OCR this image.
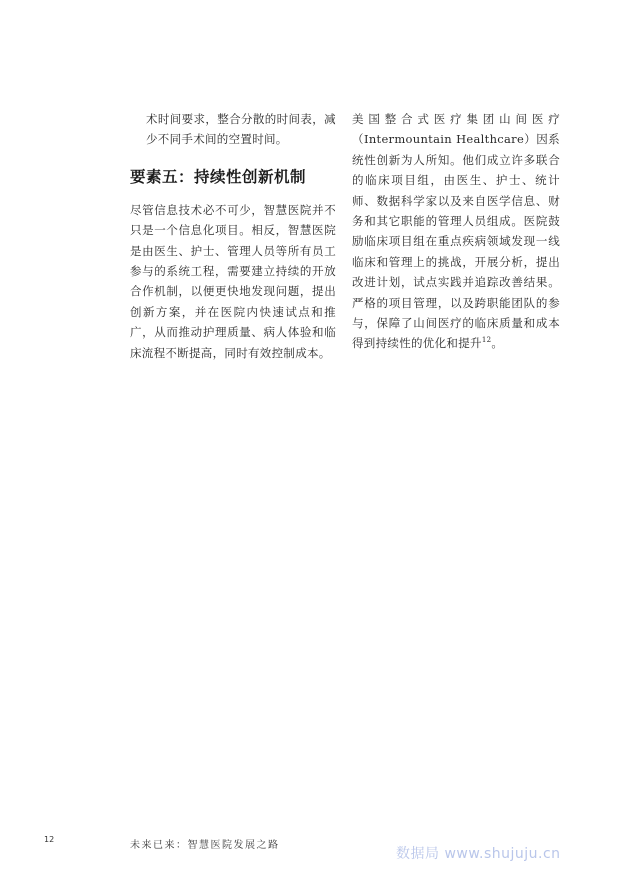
术时间要求，整合分散的时间表，减少不同手术间的空置时间。

要素五：持续性创新机制

尽管信息技术必不可少，智慧医院并不只是一个信息化项目。相反，智慧医院是由医生、护士、管理人员等所有员工参与的系统工程，需要建立持续的开放合作机制，以便更快地发现问题，提出创新方案，并在医院内快速试点和推广，从而推动护理质量、病人体验和临床流程不断提高，同时有效控制成本。

美国整合式医疗集团山间医疗（Intermountain Healthcare）因系统性创新为人所知。他们成立许多联合的临床项目组，由医生、护士、统计师、数据科学家以及来自医学信息、财务和其它职能的管理人员组成。医院鼓励临床项目组在重点疾病领域发现一线临床和管理上的挑战，开展分析，提出改进计划，试点实践并追踪改善结果。严格的项目管理，以及跨职能团队的参与，保障了山间医疗的临床质量和成本得到持续性的优化和提升$^{12}$。

12
未来已来：智慧医院发展之路
数据局 www.shujuju.cn
